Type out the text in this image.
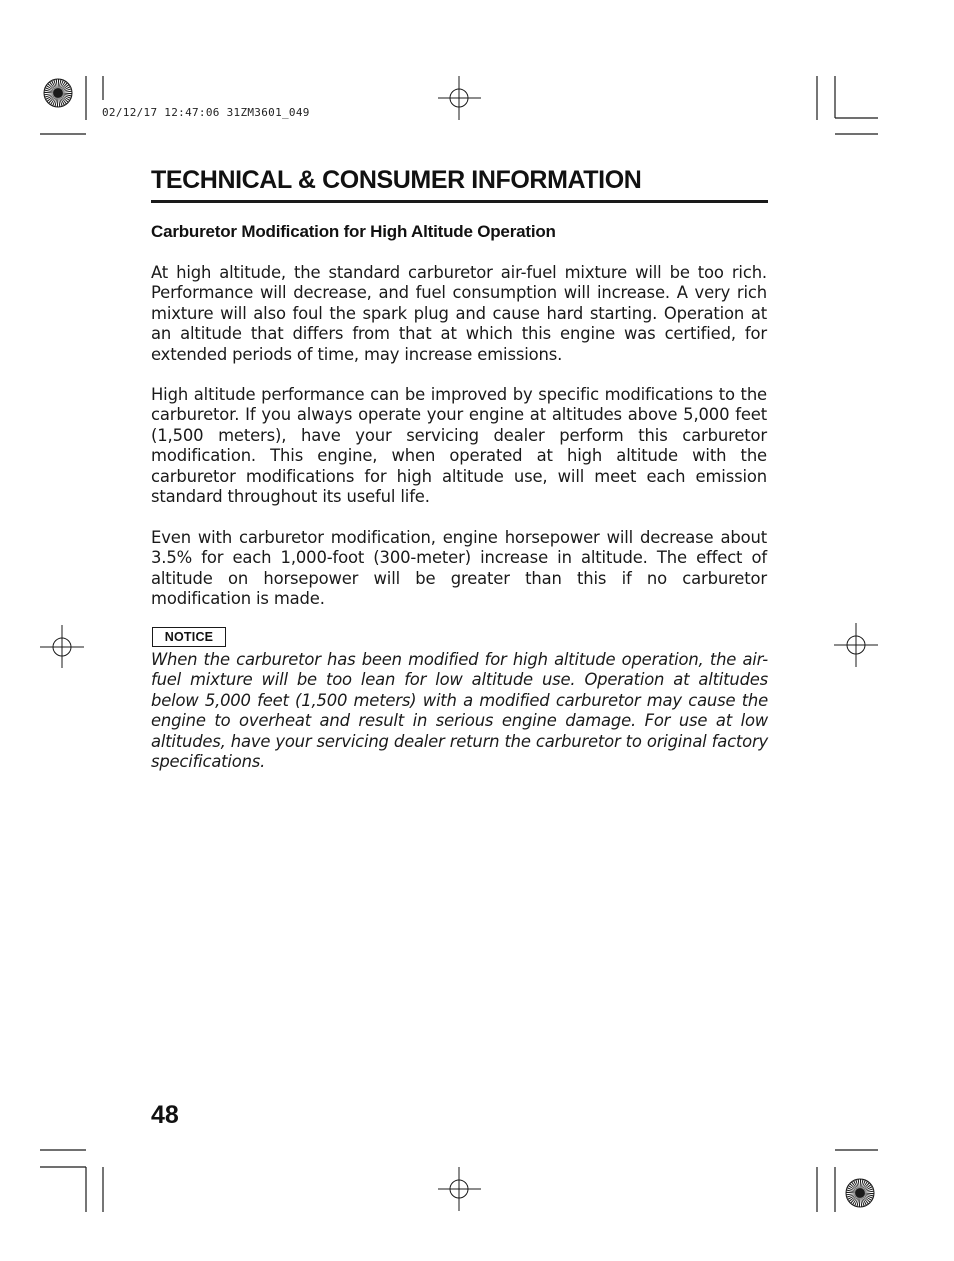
02/12/17 12:47:06 31ZM3601_049
TECHNICAL & CONSUMER INFORMATION
Carburetor Modification for High Altitude Operation

At high altitude, the standard carburetor air-fuel mixture will be too rich. Performance will decrease, and fuel consumption will increase. A very rich mixture will also foul the spark plug and cause hard starting. Operation at an altitude that differs from that at which this engine was certified, for extended periods of time, may increase emissions.

High altitude performance can be improved by specific modifications to the carburetor. If you always operate your engine at altitudes above 5,000 feet (1,500 meters), have your servicing dealer perform this carburetor modification. This engine, when operated at high altitude with the carburetor modifications for high altitude use, will meet each emission standard throughout its useful life.

Even with carburetor modification, engine horsepower will decrease about 3.5% for each 1,000-foot (300-meter) increase in altitude. The effect of altitude on horsepower will be greater than this if no carburetor modification is made.

NOTICE

When the carburetor has been modified for high altitude operation, the air-fuel mixture will be too lean for low altitude use. Operation at altitudes below 5,000 feet (1,500 meters) with a modified carburetor may cause the engine to overheat and result in serious engine damage. For use at low altitudes, have your servicing dealer return the carburetor to original factory specifications.

48
